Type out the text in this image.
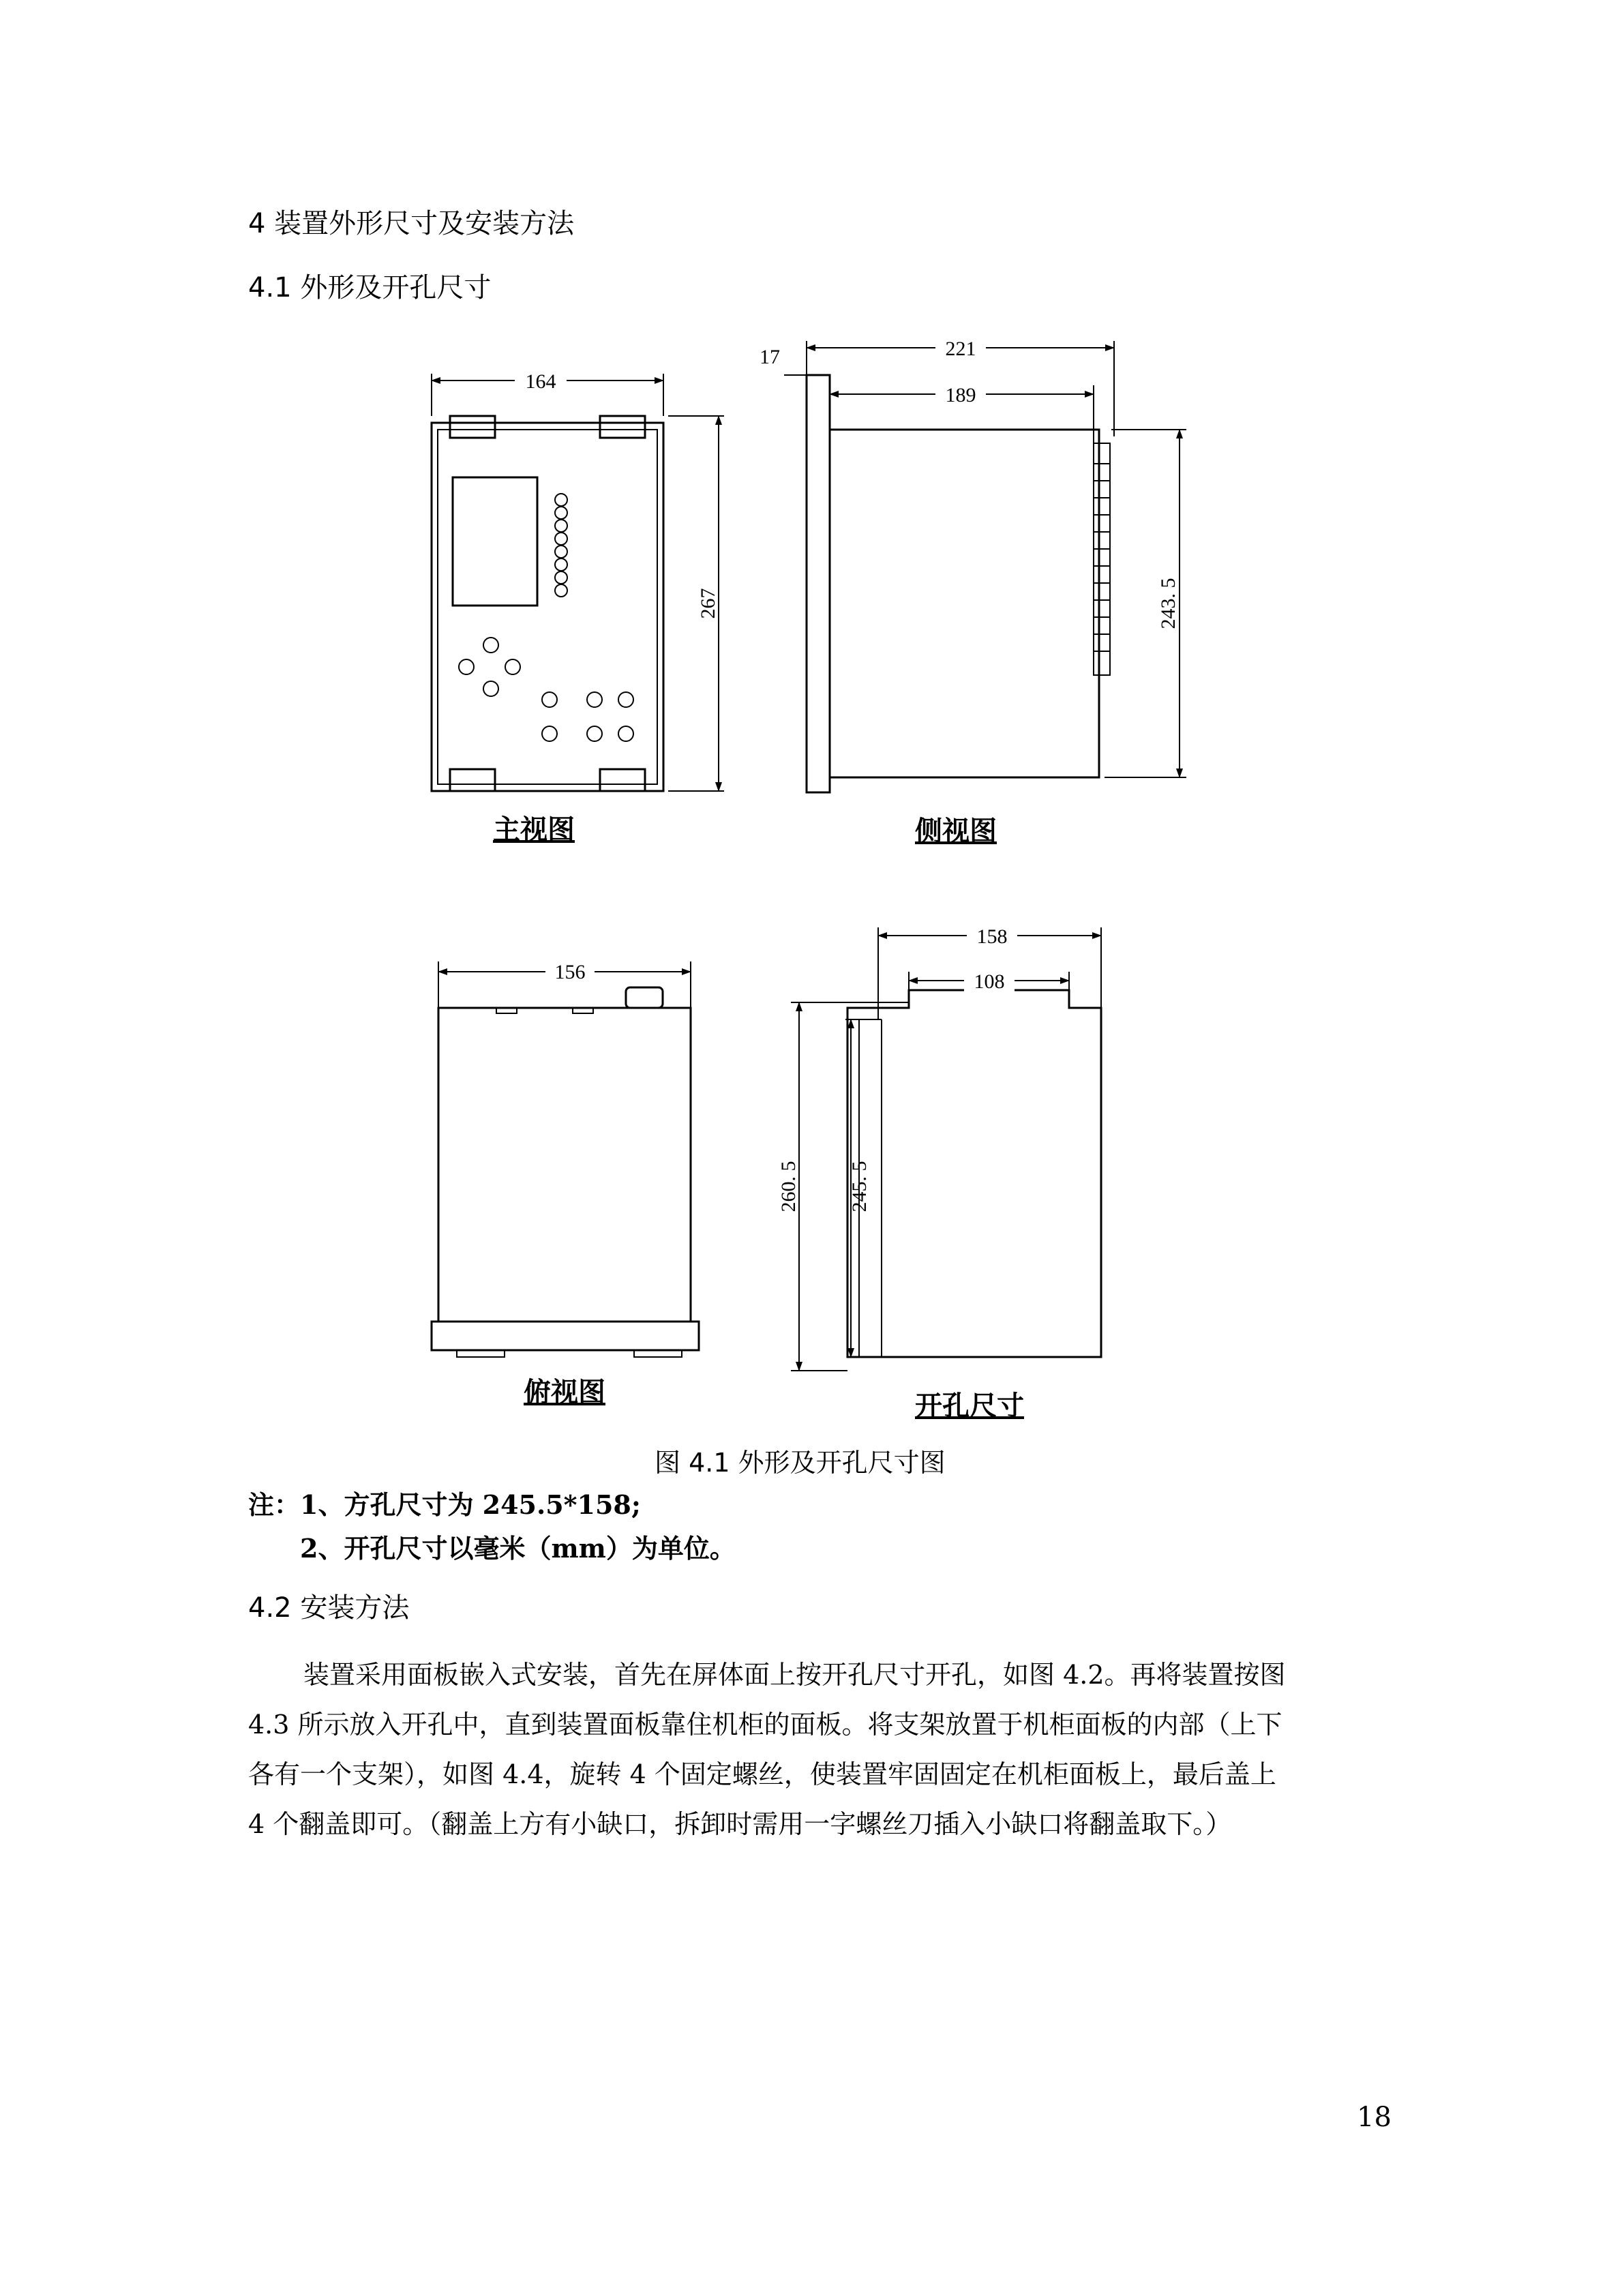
4 装置外形尺寸及安装方法
4.1 外形及开孔尺寸
164
267
221
189
17
243. 5
156
158
108
260. 5 245. 5
主视图	侧视图
俯视图	开孔尺寸
图 4.1 外形及开孔尺寸图
注：1、方孔尺寸为 245.5*158;
2、开孔尺寸以毫米（mm）为单位。
4.2 安装方法
装置采用面板嵌入式安装，首先在屏体面上按开孔尺寸开孔，如图 4.2。再将装置按图
4.3 所示放入开孔中，直到装置面板靠住机柜的面板。将支架放置于机柜面板的内部（上下
各有一个支架），如图 4.4，旋转 4 个固定螺丝，使装置牢固固定在机柜面板上，最后盖上
4 个翻盖即可。（翻盖上方有小缺口，拆卸时需用一字螺丝刀插入小缺口将翻盖取下。）
18
